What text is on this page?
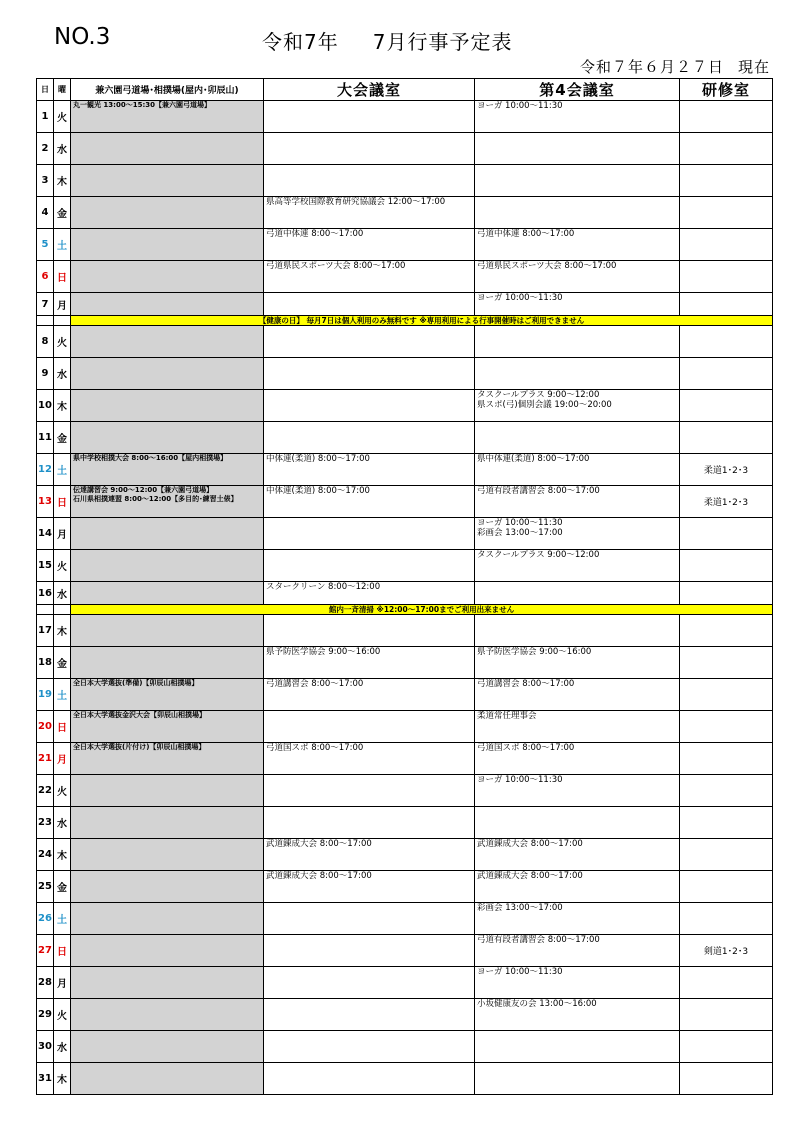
NO.3	令和7年 7月行事予定表
令和７年６月２７日 現在
日	曜	兼六園弓道場･相撲場(屋内･卯辰山)	大会議室	第4会議室	研修室
1	火	丸一観光 13:00～15:30【兼六園弓道場】		ヨーガ 10:00～11:30	

2	水				
3	木				
4	金		県高等学校国際教育研究協議会 12:00～17:00		

5	土		弓道中体連 8:00～17:00	弓道中体連 8:00～17:00	

6	日		弓道県民スポーツ大会 8:00～17:00	弓道県民スポーツ大会 8:00～17:00	

7	月			ヨーガ 10:00～11:30	

		【健康の日】 毎月7日は個人利用のみ無料です ※専用利用による行事開催時はご利用できません			
8	火				
9	水				
10	木			タスクールプラス 9:00～12:00
県スポ(弓)個別会議 19:00～20:00	

11	金				
12	土	県中学校相撲大会 8:00～16:00【屋内相撲場】	中体連(柔道) 8:00～17:00	県中体連(柔道) 8:00～17:00	柔道1･2･3
13	日	伝達講習会 9:00～12:00【兼六園弓道場】
石川県相撲連盟 8:00～12:00【多目的･練習土俵】	中体連(柔道) 8:00～17:00	弓道有段者講習会 8:00～17:00	柔道1･2･3
14	月			ヨーガ 10:00～11:30
彩画会 13:00～17:00	

15	火			タスクールプラス 9:00～12:00	

16	水		スタークリーン 8:00～12:00		

		館内一斉清掃 ※12:00～17:00までご利用出来ません			
17	木				
18	金		県予防医学協会 9:00～16:00	県予防医学協会 9:00～16:00	

19	土	全日本大学選抜(準備)【卯辰山相撲場】	弓道講習会 8:00～17:00	弓道講習会 8:00～17:00	

20	日	全日本大学選抜金沢大会【卯辰山相撲場】		柔道常任理事会	

21	月	全日本大学選抜(片付け)【卯辰山相撲場】	弓道国スポ 8:00～17:00	弓道国スポ 8:00～17:00	

22	火			ヨーガ 10:00～11:30	

23	水				
24	木		武道錬成大会 8:00～17:00	武道錬成大会 8:00～17:00	

25	金		武道錬成大会 8:00～17:00	武道錬成大会 8:00～17:00	

26	土			彩画会 13:00～17:00	

27	日			弓道有段者講習会 8:00～17:00	剣道1･2･3
28	月			ヨーガ 10:00～11:30	

29	火			小坂健康友の会 13:00～16:00	

30	水				
31	木				
